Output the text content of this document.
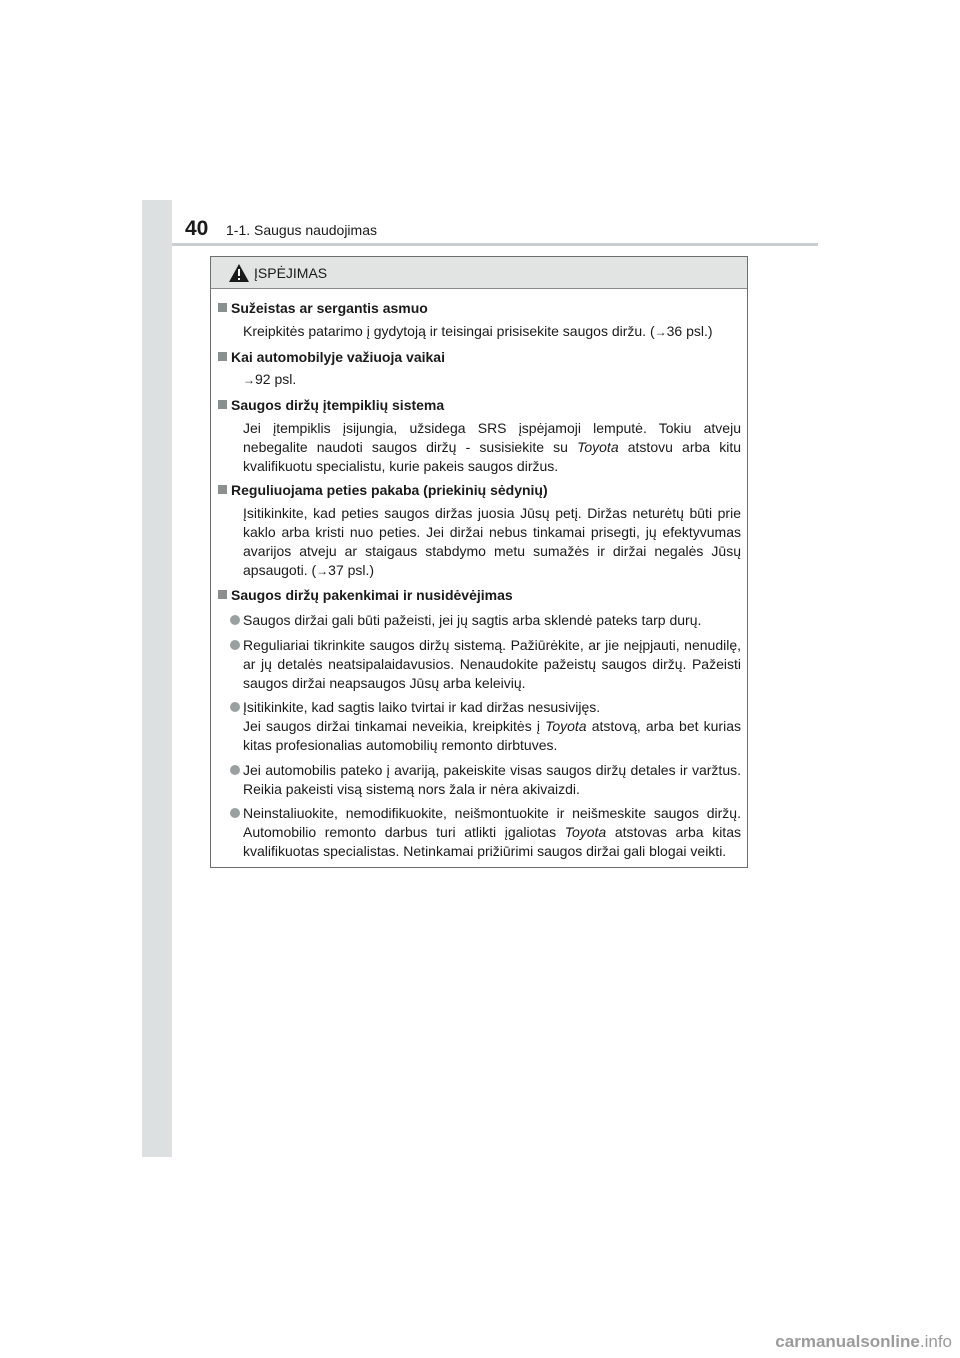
40 1-1. Saugus naudojimas
ĮSPĖJIMAS
Sužeistas ar sergantis asmuo
Kreipkitės patarimo į gydytoją ir teisingai prisisekite saugos diržu. (→36 psl.)
Kai automobilyje važiuoja vaikai
→92 psl.
Saugos diržų įtempiklių sistema
Jei įtempiklis įsijungia, užsidega SRS įspėjamoji lemputė. Tokiu atveju nebegalite naudoti saugos diržų - susisiekite su Toyota atstovu arba kitu kvalifikuotu specialistu, kurie pakeis saugos diržus.
Reguliuojama peties pakaba (priekinių sėdynių)
Įsitikinkite, kad peties saugos diržas juosia Jūsų petį. Diržas neturėtų būti prie kaklo arba kristi nuo peties. Jei diržai nebus tinkamai prisegti, jų efektyvumas avarijos atveju ar staigaus stabdymo metu sumažės ir diržai negalės Jūsų apsaugoti. (→37 psl.)
Saugos diržų pakenkimai ir nusidėvėjimas
Saugos diržai gali būti pažeisti, jei jų sagtis arba sklendė pateks tarp durų.
Reguliariai tikrinkite saugos diržų sistemą. Pažiūrėkite, ar jie neįpjauti, nenudilę, ar jų detalės neatsipalaidavusios. Nenaudokite pažeistų saugos diržų. Pažeisti saugos diržai neapsaugos Jūsų arba keleivių.
Įsitikinkite, kad sagtis laiko tvirtai ir kad diržas nesusivijęs.
Jei saugos diržai tinkamai neveikia, kreipkitės į Toyota atstovą, arba bet kurias kitas profesionalias automobilių remonto dirbtuves.
Jei automobilis pateko į avariją, pakeiskite visas saugos diržų detales ir varžtus. Reikia pakeisti visą sistemą nors žala ir nėra akivaizdi.
Neinstaliuokite, nemodifikuokite, neišmontuokite ir neišmeskite saugos diržų. Automobilio remonto darbus turi atlikti įgaliotas Toyota atstovas arba kitas kvalifikuotas specialistas. Netinkamai prižiūrimi saugos diržai gali blogai veikti.
carmanualsonline.info
